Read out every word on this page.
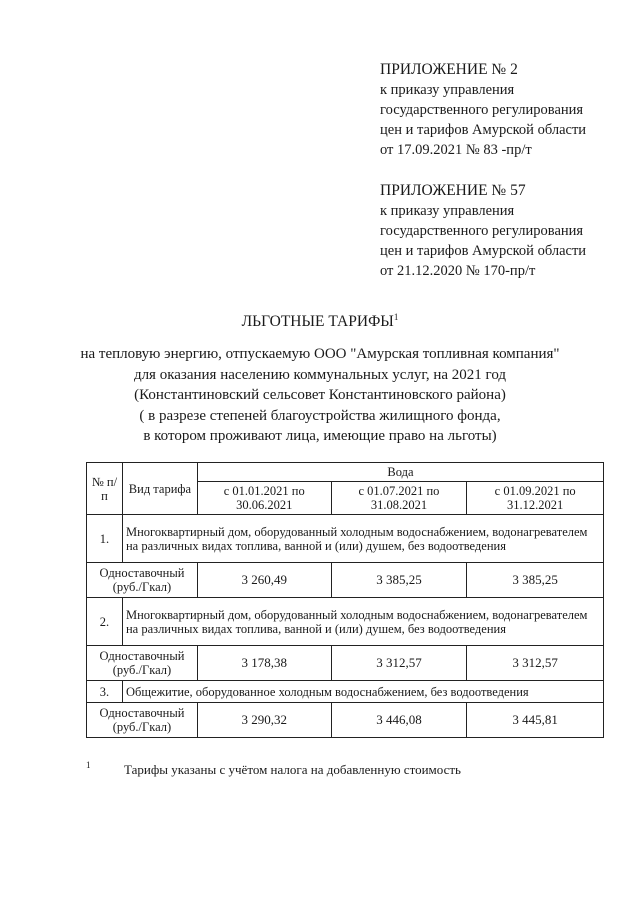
ПРИЛОЖЕНИЕ № 2
к приказу управления
государственного регулирования
цен и тарифов Амурской области
от 17.09.2021 № 83 -пр/т
ПРИЛОЖЕНИЕ № 57
к приказу управления
государственного регулирования
цен и тарифов Амурской области
от 21.12.2020 № 170-пр/т
ЛЬГОТНЫЕ ТАРИФЫ$^1$
на тепловую энергию, отпускаемую ООО "Амурская топливная компания"
для оказания населению коммунальных услуг, на 2021 год
(Константиновский сельсовет Константиновского района)
( в разрезе степеней благоустройства жилищного фонда,
в котором проживают лица, имеющие право на льготы)
№ п/п	Вид тарифа	Вода		
		с 01.01.2021 по 30.06.2021	с 01.07.2021 по 31.08.2021	с 01.09.2021 по 31.12.2021
1.	Многоквартирный дом, оборудованный холодным водоснабжением, водонагревателем на различных видах топлива, ванной и (или) душем, без водоотведения			
Одноставочный (руб./Гкал)		3 260,49	3 385,25	3 385,25
2.	Многоквартирный дом, оборудованный холодным водоснабжением, водонагревателем на различных видах топлива, ванной и (или) душем, без водоотведения			
Одноставочный (руб./Гкал)		3 178,38	3 312,57	3 312,57
3.	Общежитие, оборудованное холодным водоснабжением, без водоотведения			
Одноставочный (руб./Гкал)		3 290,32	3 446,08	3 445,81
1	Тарифы указаны с учётом налога на добавленную стоимость
